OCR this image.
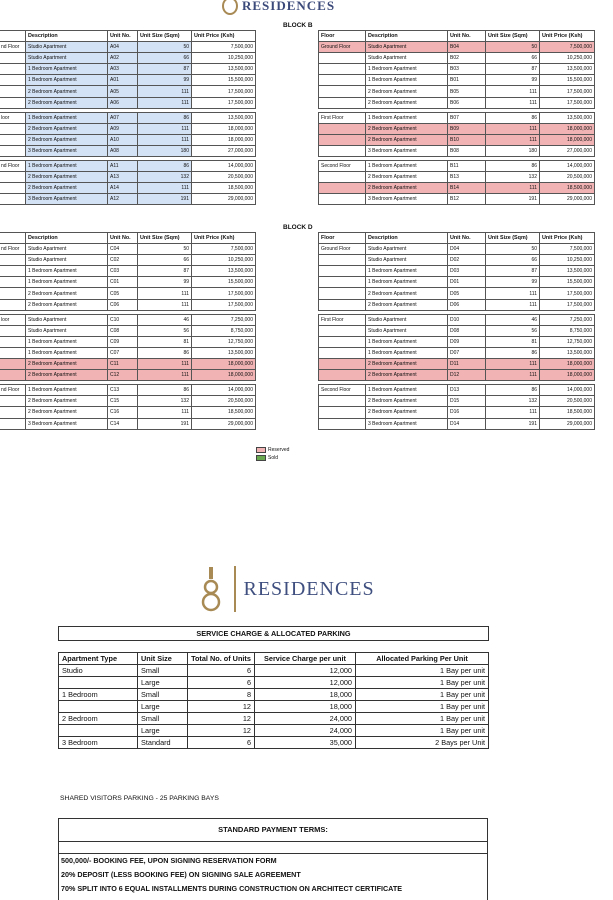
RESIDENCES
BLOCK B
BLOCK D
	Description	Unit No.	Unit Size (Sqm)	Unit Price (Ksh)
nd Floor	Studio Apartment	A04	50	7,500,000
	Studio Apartment	A02	66	10,250,000
	1 Bedroom Apartment	A03	87	13,500,000
	1 Bedroom Apartment	A01	99	15,500,000
	2 Bedroom Apartment	A05	111	17,500,000
	2 Bedroom Apartment	A06	111	17,500,000

loor	1 Bedroom Apartment	A07	86	13,500,000
	2 Bedroom Apartment	A09	111	18,000,000
	2 Bedroom Apartment	A10	111	18,000,000
	3 Bedroom Apartment	A08	180	27,000,000

nd Floor	1 Bedroom Apartment	A11	86	14,000,000
	2 Bedroom Apartment	A13	132	20,500,000
	2 Bedroom Apartment	A14	111	18,500,000
	3 Bedroom Apartment	A12	191	29,000,000
Floor	Description	Unit No.	Unit Size (Sqm)	Unit Price (Ksh)
Ground Floor	Studio Apartment	B04	50	7,500,000
	Studio Apartment	B02	66	10,250,000
	1 Bedroom Apartment	B03	87	13,500,000
	1 Bedroom Apartment	B01	99	15,500,000
	2 Bedroom Apartment	B05	111	17,500,000
	2 Bedroom Apartment	B06	111	17,500,000

First Floor	1 Bedroom Apartment	B07	86	13,500,000
	2 Bedroom Apartment	B09	111	18,000,000
	2 Bedroom Apartment	B10	111	18,000,000
	3 Bedroom Apartment	B08	180	27,000,000

Second Floor	1 Bedroom Apartment	B11	86	14,000,000
	2 Bedroom Apartment	B13	132	20,500,000
	2 Bedroom Apartment	B14	111	18,500,000
	3 Bedroom Apartment	B12	191	29,000,000
	Description	Unit No.	Unit Size (Sqm)	Unit Price (Ksh)
nd Floor	Studio Apartment	C04	50	7,500,000
	Studio Apartment	C02	66	10,250,000
	1 Bedroom Apartment	C03	87	13,500,000
	1 Bedroom Apartment	C01	99	15,500,000
	2 Bedroom Apartment	C05	111	17,500,000
	2 Bedroom Apartment	C06	111	17,500,000

loor	Studio Apartment	C10	46	7,250,000
	Studio Apartment	C08	56	8,750,000
	1 Bedroom Apartment	C09	81	12,750,000
	1 Bedroom Apartment	C07	86	13,500,000
	2 Bedroom Apartment	C11	111	18,000,000
	2 Bedroom Apartment	C12	111	18,000,000

nd Floor	1 Bedroom Apartment	C13	86	14,000,000
	2 Bedroom Apartment	C15	132	20,500,000
	2 Bedroom Apartment	C16	111	18,500,000
	3 Bedroom Apartment	C14	191	29,000,000
Floor	Description	Unit No.	Unit Size (Sqm)	Unit Price (Ksh)
Ground Floor	Studio Apartment	D04	50	7,500,000
	Studio Apartment	D02	66	10,250,000
	1 Bedroom Apartment	D03	87	13,500,000
	1 Bedroom Apartment	D01	99	15,500,000
	2 Bedroom Apartment	D05	111	17,500,000
	2 Bedroom Apartment	D06	111	17,500,000

First Floor	Studio Apartment	D10	46	7,250,000
	Studio Apartment	D08	56	8,750,000
	1 Bedroom Apartment	D09	81	12,750,000
	1 Bedroom Apartment	D07	86	13,500,000
	2 Bedroom Apartment	D11	111	18,000,000
	2 Bedroom Apartment	D12	111	18,000,000

Second Floor	1 Bedroom Apartment	D13	86	14,000,000
	2 Bedroom Apartment	D15	132	20,500,000
	2 Bedroom Apartment	D16	111	18,500,000
	3 Bedroom Apartment	D14	191	29,000,000
Reserved
Sold
RESIDENCES
SERVICE CHARGE & ALLOCATED PARKING				

Apartment Type	Unit Size	Total No. of Units	Service Charge per unit	Allocated Parking Per Unit
Studio	Small	6	12,000	1 Bay per unit
	Large	6	12,000	1 Bay per unit
1 Bedroom	Small	8	18,000	1 Bay per unit
	Large	12	18,000	1 Bay per unit
2 Bedroom	Small	12	24,000	1 Bay per unit
	Large	12	24,000	1 Bay per unit
3 Bedroom	Standard	6	35,000	2 Bays per Unit
SHARED VISITORS PARKING - 25 PARKING BAYS
STANDARD PAYMENT TERMS:
500,000/- BOOKING FEE, UPON SIGNING RESERVATION FORM
20% DEPOSIT (LESS BOOKING FEE) ON SIGNING SALE AGREEMENT
70% SPLIT INTO 6 EQUAL INSTALLMENTS DURING CONSTRUCTION ON ARCHITECT CERTIFICATE
